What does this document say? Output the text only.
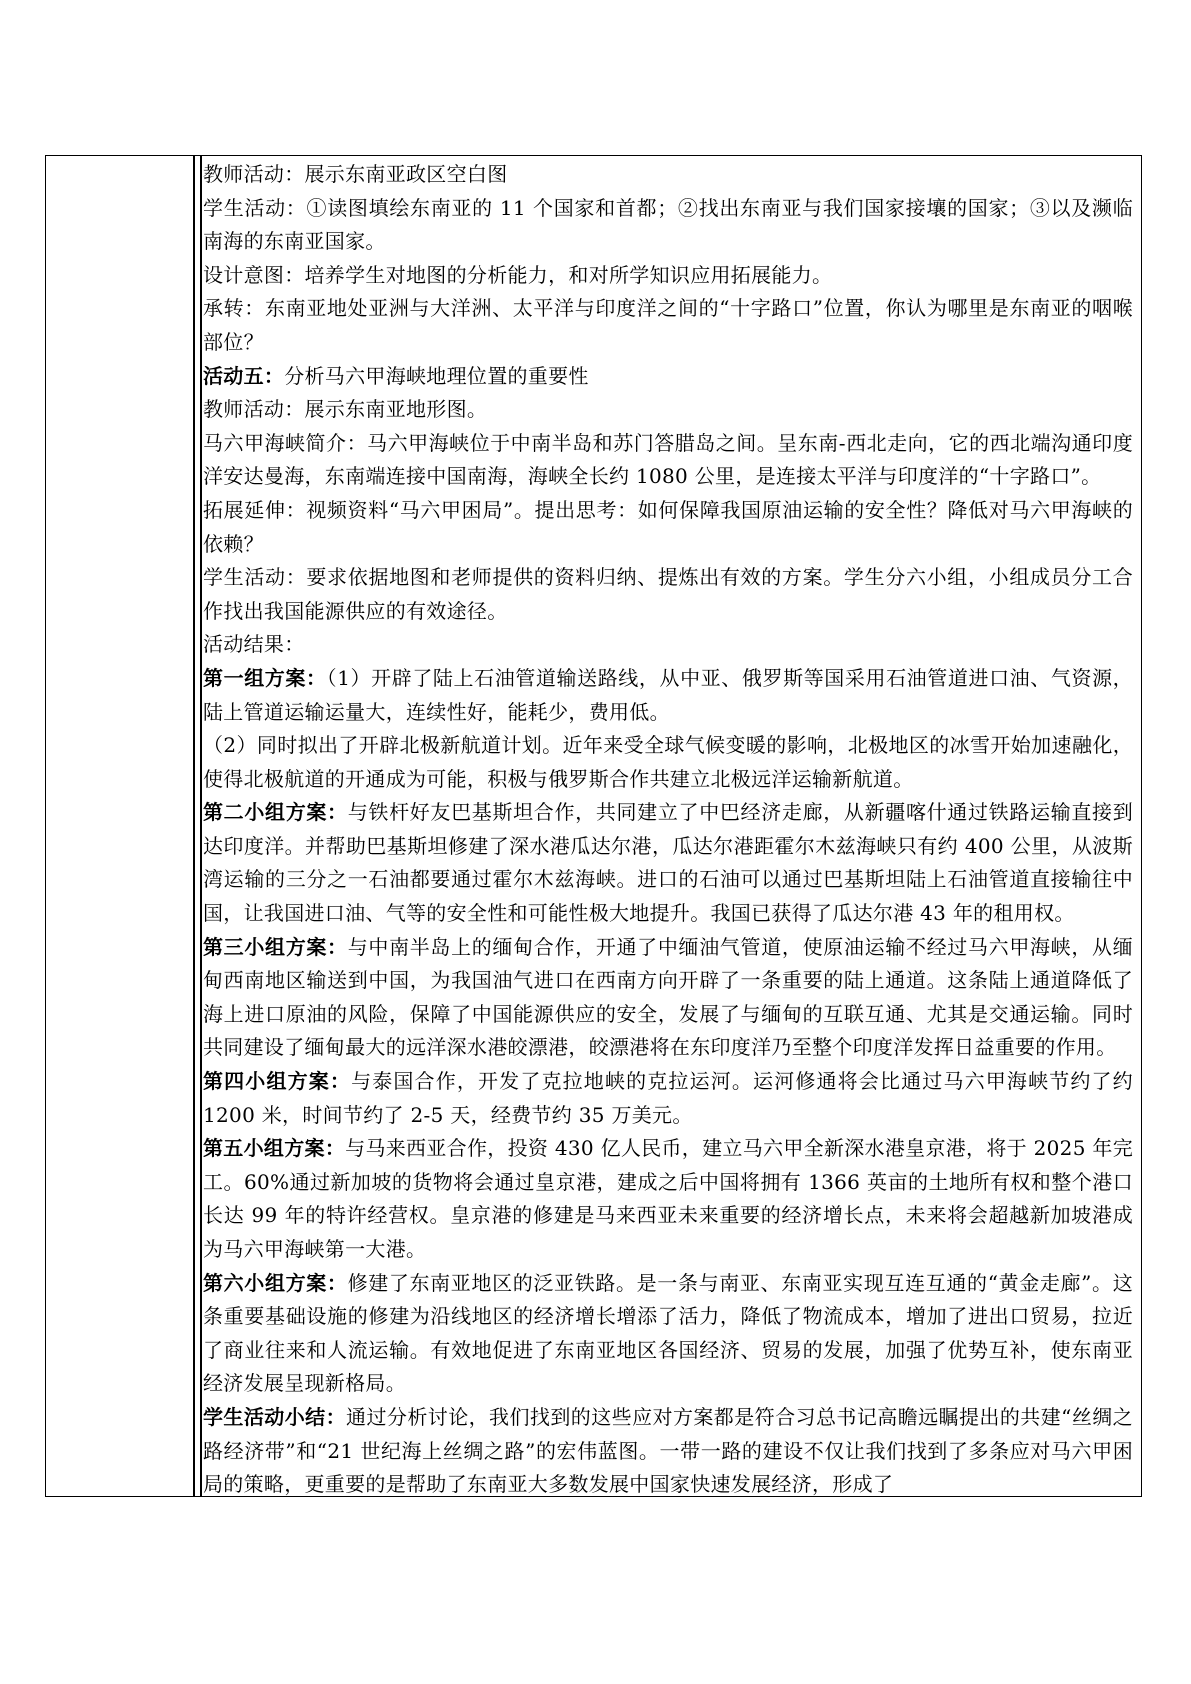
教师活动：展示东南亚政区空白图

学生活动：①读图填绘东南亚的 11 个国家和首都；②找出东南亚与我们国家接壤的国家；③以及濒临南海的东南亚国家。

设计意图：培养学生对地图的分析能力，和对所学知识应用拓展能力。

承转：东南亚地处亚洲与大洋洲、太平洋与印度洋之间的“十字路口”位置，你认为哪里是东南亚的咽喉部位？

活动五：分析马六甲海峡地理位置的重要性

教师活动：展示东南亚地形图。

马六甲海峡简介：马六甲海峡位于中南半岛和苏门答腊岛之间。呈东南-西北走向，它的西北端沟通印度洋安达曼海，东南端连接中国南海，海峡全长约 1080 公里，是连接太平洋与印度洋的“十字路口”。

拓展延伸：视频资料“马六甲困局”。提出思考：如何保障我国原油运输的安全性？降低对马六甲海峡的依赖？

学生活动：要求依据地图和老师提供的资料归纳、提炼出有效的方案。学生分六小组，小组成员分工合作找出我国能源供应的有效途径。

活动结果：

第一组方案：（1）开辟了陆上石油管道输送路线，从中亚、俄罗斯等国采用石油管道进口油、气资源，陆上管道运输运量大，连续性好，能耗少，费用低。

（2）同时拟出了开辟北极新航道计划。近年来受全球气候变暖的影响，北极地区的冰雪开始加速融化，使得北极航道的开通成为可能，积极与俄罗斯合作共建立北极远洋运输新航道。

第二小组方案：与铁杆好友巴基斯坦合作，共同建立了中巴经济走廊，从新疆喀什通过铁路运输直接到达印度洋。并帮助巴基斯坦修建了深水港瓜达尔港，瓜达尔港距霍尔木兹海峡只有约 400 公里，从波斯湾运输的三分之一石油都要通过霍尔木兹海峡。进口的石油可以通过巴基斯坦陆上石油管道直接输往中国，让我国进口油、气等的安全性和可能性极大地提升。我国已获得了瓜达尔港 43 年的租用权。

第三小组方案：与中南半岛上的缅甸合作，开通了中缅油气管道，使原油运输不经过马六甲海峡，从缅甸西南地区输送到中国，为我国油气进口在西南方向开辟了一条重要的陆上通道。这条陆上通道降低了海上进口原油的风险，保障了中国能源供应的安全，发展了与缅甸的互联互通、尤其是交通运输。同时共同建设了缅甸最大的远洋深水港皎漂港，皎漂港将在东印度洋乃至整个印度洋发挥日益重要的作用。

第四小组方案：与泰国合作，开发了克拉地峡的克拉运河。运河修通将会比通过马六甲海峡节约了约 1200 米，时间节约了 2-5 天，经费节约 35 万美元。

第五小组方案：与马来西亚合作，投资 430 亿人民币，建立马六甲全新深水港皇京港，将于 2025 年完工。60%通过新加坡的货物将会通过皇京港，建成之后中国将拥有 1366 英亩的土地所有权和整个港口长达 99 年的特许经营权。皇京港的修建是马来西亚未来重要的经济增长点，未来将会超越新加坡港成为马六甲海峡第一大港。

第六小组方案：修建了东南亚地区的泛亚铁路。是一条与南亚、东南亚实现互连互通的“黄金走廊”。这条重要基础设施的修建为沿线地区的经济增长增添了活力，降低了物流成本，增加了进出口贸易，拉近了商业往来和人流运输。有效地促进了东南亚地区各国经济、贸易的发展，加强了优势互补，使东南亚经济发展呈现新格局。

学生活动小结：通过分析讨论，我们找到的这些应对方案都是符合习总书记高瞻远瞩提出的共建“丝绸之路经济带”和“21 世纪海上丝绸之路”的宏伟蓝图。一带一路的建设不仅让我们找到了多条应对马六甲困局的策略，更重要的是帮助了东南亚大多数发展中国家快速发展经济，形成了
